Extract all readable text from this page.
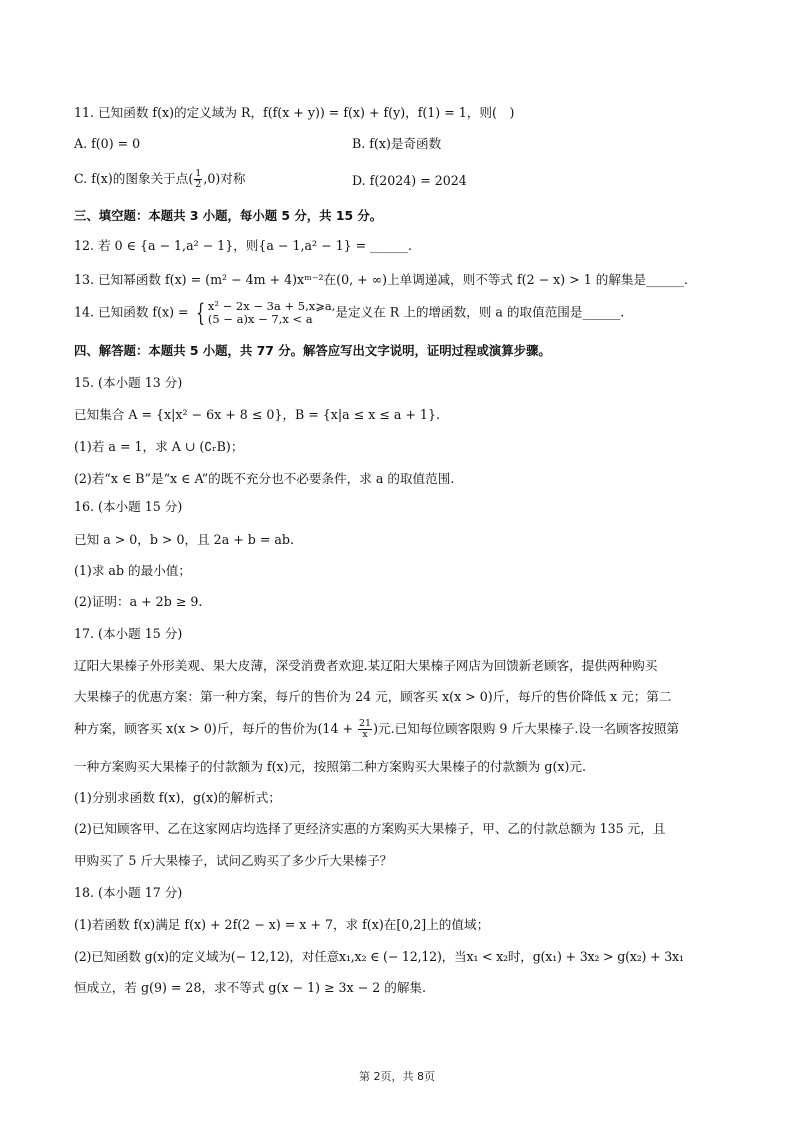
11. 已知函数 f(x)的定义域为 R，f(f(x + y)) = f(x) + f(y)，f(1) = 1，则(　)
A. f(0) = 0	B. f(x)是奇函数
C. f(x)的图象关于点( $\frac{1}{2} ,0$)对称	D. f(2024) = 2024
三、填空题：本题共 3 小题，每小题 5 分，共 15 分。
12. 若 0 ∈ {a − 1,a² − 1}，则{a − 1,a² − 1} = ______.
13. 已知幂函数 f(x) = (m² − 4m + 4)xᵐ⁻²在(0, + ∞)上单调递减，则不等式 f(2 − x) > 1 的解集是______.
14. 已知函数 f(x) = { x² − 2x − 3a + 5,x⩾a,
(5 − a)x − 7,x < a	是定义在 R 上的增函数，则 a 的取值范围是______.
四、解答题：本题共 5 小题，共 77 分。解答应写出文字说明，证明过程或演算步骤。
15. (本小题 13 分)
已知集合 A = {x|x² − 6x + 8 ≤ 0}，B = {x|a ≤ x ≤ a + 1}.
(1)若 a = 1，求 A ∪ (∁ᵣB)；
(2)若“x ∈ B”是“x ∈ A”的既不充分也不必要条件，求 a 的取值范围.
16. (本小题 15 分)
已知 a > 0，b > 0，且 2a + b = ab.
(1)求 ab 的最小值；
(2)证明：a + 2b ≥ 9.
17. (本小题 15 分)
辽阳大果榛子外形美观、果大皮薄，深受消费者欢迎.某辽阳大果榛子网店为回馈新老顾客，提供两种购买
大果榛子的优惠方案：第一种方案，每斤的售价为 24 元，顾客买 x(x > 0)斤，每斤的售价降低 x 元；第二
种方案，顾客买 x(x > 0)斤，每斤的售价为($14 + \frac{21}{x}$ )元.已知每位顾客限购 9 斤大果榛子.设一名顾客按照第
一种方案购买大果榛子的付款额为 f(x)元，按照第二种方案购买大果榛子的付款额为 g(x)元.
(1)分别求函数 f(x)，g(x)的解析式；
(2)已知顾客甲、乙在这家网店均选择了更经济实惠的方案购买大果榛子，甲、乙的付款总额为 135 元，且
甲购买了 5 斤大果榛子，试问乙购买了多少斤大果榛子？
18. (本小题 17 分)
(1)若函数 f(x)满足 f(x) + 2f(2 − x) = x + 7，求 f(x)在[0,2]上的值域；
(2)已知函数 g(x)的定义域为(− 12,12)，对任意x₁,x₂ ∈ (− 12,12)，当x₁ < x₂时，g(x₁) + 3x₂ > g(x₂) + 3x₁
恒成立，若 g(9) = 28，求不等式 g(x − 1) ≥ 3x − 2 的解集.
第 2页，共 8页
